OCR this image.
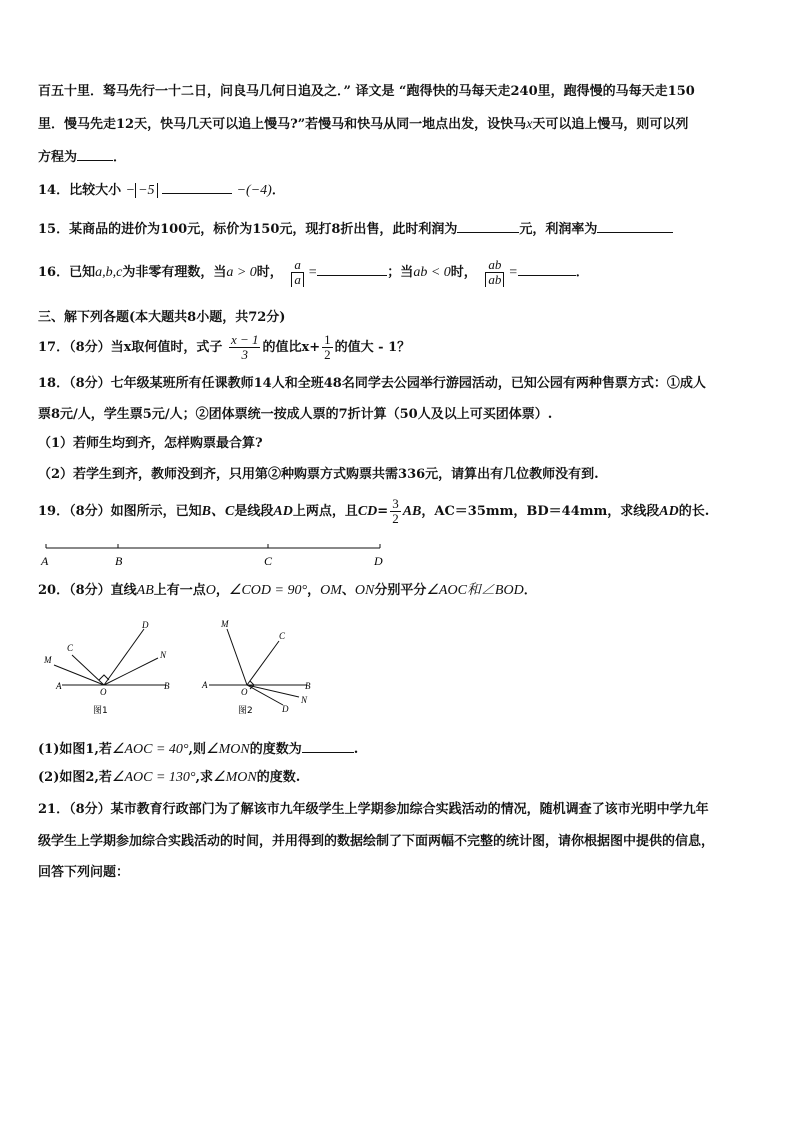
百五十里．驽马先行一十二日，问良马几何日追及之．” 译文是 “跑得快的马每天走240里，跑得慢的马每天走150
里．慢马先走12天，快马几天可以追上慢马?”若慢马和快马从同一地点出发，设快马x天可以追上慢马，则可以列
方程为	．
14．比较大小 − −5	−(−4)．
15．某商品的进价为100元，标价为150元，现打8折出售，此时利润为	元，利润率为
16．已知a,b,c为非零有理数，当a > 0时， $\frac{a}{a}$ =	；当ab < 0时， $\frac{ab}{ab}$ =	．
三、解下列各题(本大题共8小题，共72分)
17．（8分）当x取何值时，式子 $\frac{x - 1}{3}$ 的值比$x+ \frac{1}{2}$ 的值大 - 1？
18．（8分）七年级某班所有任课教师14人和全班48名同学去公园举行游园活动，已知公园有两种售票方式：①成人
票8元/人，学生票5元/人；②团体票统一按成人票的7折计算（50人及以上可买团体票）.
（1）若师生均到齐，怎样购票最合算?
（2）若学生到齐，教师没到齐，只用第②种购票方式购票共需336元，请算出有几位教师没有到.
19．（8分）如图所示，已知B、C是线段AD上两点，且$CD= \frac{3}{2}$ AB，AC＝35mm，BD＝44mm，求线段AD的长.
A	B	C	D
20．（8分）直线AB上有一点O，∠COD = 90°，OM、ON分别平分∠AOC和∠BOD．
D
C
M	N
A
O
B
图1
M
C
A
O
B
N
D
图2
(1)如图1,若∠AOC = 40°,则∠MON的度数为	.
(2)如图2,若∠AOC = 130°,求∠MON的度数.
21．（8分）某市教育行政部门为了解该市九年级学生上学期参加综合实践活动的情况，随机调查了该市光明中学九年
级学生上学期参加综合实践活动的时间，并用得到的数据绘制了下面两幅不完整的统计图，请你根据图中提供的信息，
回答下列问题：
